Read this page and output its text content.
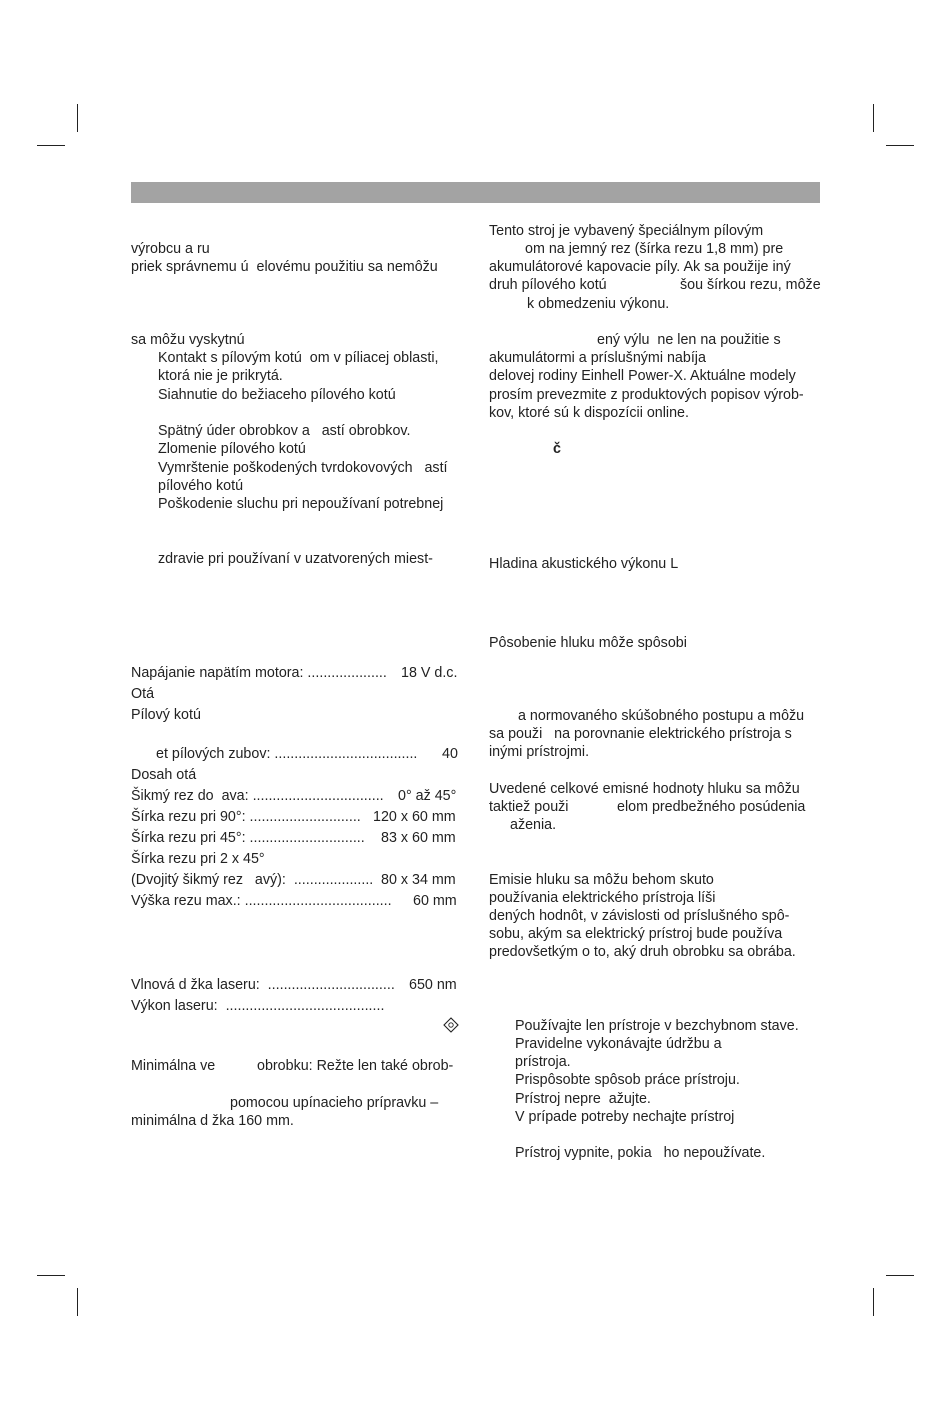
výrobcu a ru
priek správnemu ú  elovému použitiu sa nemôžu
sa môžu vyskytnú
Kontakt s pílovým kotú  om v píliacej oblasti,
ktorá nie je prikrytá.
Siahnutie do bežiaceho pílového kotú
Spätný úder obrobkov a   astí obrobkov.
Zlomenie pílového kotú
Vymrštenie poškodených tvrdokovových   astí
pílového kotú
Poškodenie sluchu pri nepoužívaní potrebnej
zdravie pri používaní v uzatvorených miest-
Napájanie napätím motora: .................... 18 V d.c.
Otá
Pílový kotú
et pílových zubov: .................................... 40
Dosah otá
Šikmý rez do  ava: ................................. 0° až 45°
Šírka rezu pri 90°: ............................ 120 x 60 mm
Šírka rezu pri 45°: ............................. 83 x 60 mm
Šírka rezu pri 2 x 45°
(Dvojitý šikmý rez   avý):  .................... 80 x 34 mm
Výška rezu max.: ..................................... 60 mm
Vlnová d žka laseru:  ................................ 650 nm
Výkon laseru:  ........................................
Minimálna ve	obrobku: Režte len také obrob-
pomocou upínacieho prípravku –
minimálna d žka 160 mm.
Tento stroj je vybavený špeciálnym pílovým
om na jemný rez (šírka rezu 1,8 mm) pre
akumulátorové kapovacie píly. Ak sa použije iný
druh pílového kotú	šou šírkou rezu, môže
k obmedzeniu výkonu.
ený výlu  ne len na použitie s
akumulátormi a príslušnými nabíja
delovej rodiny Einhell Power-X. Aktuálne modely
prosím prevezmite z produktových popisov výrob-
kov, ktoré sú k dispozícii online.
č
Hladina akustického výkonu L
Pôsobenie hluku môže spôsobi
a normovaného skúšobného postupu a môžu
sa použi   na porovnanie elektrického prístroja s
inými prístrojmi.
Uvedené celkové emisné hodnoty hluku sa môžu
taktiež použi	elom predbežného posúdenia
aženia.
Emisie hluku sa môžu behom skuto
používania elektrického prístroja líši
dených hodnôt, v závislosti od príslušného spô-
sobu, akým sa elektrický prístroj bude používa
predovšetkým o to, aký druh obrobku sa obrába.
Používajte len prístroje v bezchybnom stave.
Pravidelne vykonávajte údržbu a
prístroja.
Prispôsobte spôsob práce prístroju.
Prístroj nepre  ažujte.
V prípade potreby nechajte prístroj
Prístroj vypnite, pokia   ho nepoužívate.
